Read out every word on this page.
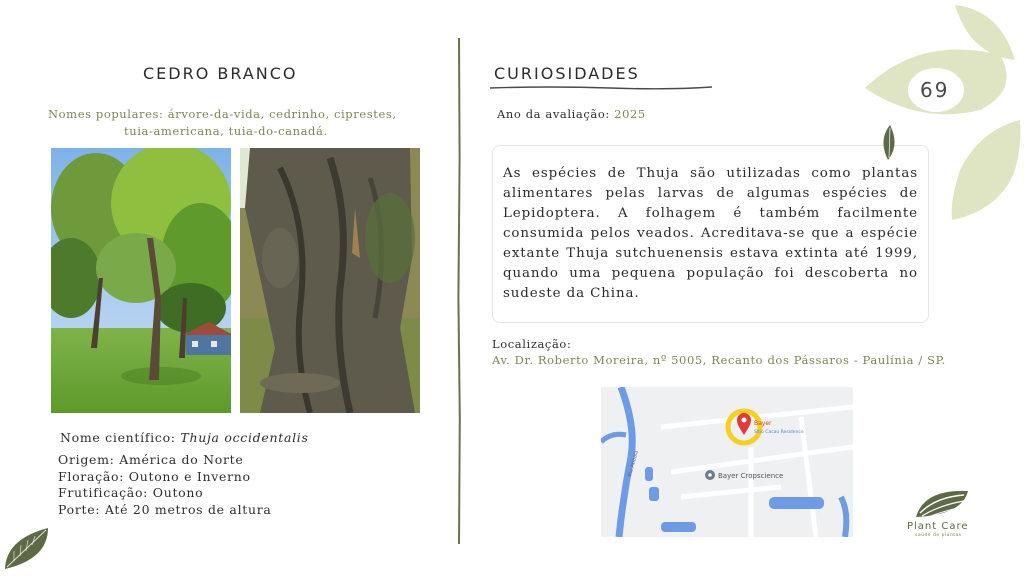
CEDRO BRANCO
Nomes populares: árvore-da-vida, cedrinho, ciprestes,
tuia-americana, tuia-do-canadá.
Nome científico: Thuja occidentalis
Origem: América do Norte
Floração: Outono e Inverno
Frutificação: Outono
Porte: Até 20 metros de altura
CURIOSIDADES
Ano da avaliação: 2025
As espécies de Thuja são utilizadas como plantas alimentares pelas larvas de algumas espécies de Lepidoptera. A folhagem é também facilmente consumida pelos veados. Acreditava-se que a espécie extante Thuja sutchuenensis estava extinta até 1999, quando uma pequena população foi descoberta no sudeste da China.
Localização:
Av. Dr. Roberto Moreira, nº 5005, Recanto dos Pássaros - Paulínia / SP.
Bayer
Sítio Cacao Residence
Bayer Cropscience
Rio Atibaia
69
Plant Care
saúde de plantas
